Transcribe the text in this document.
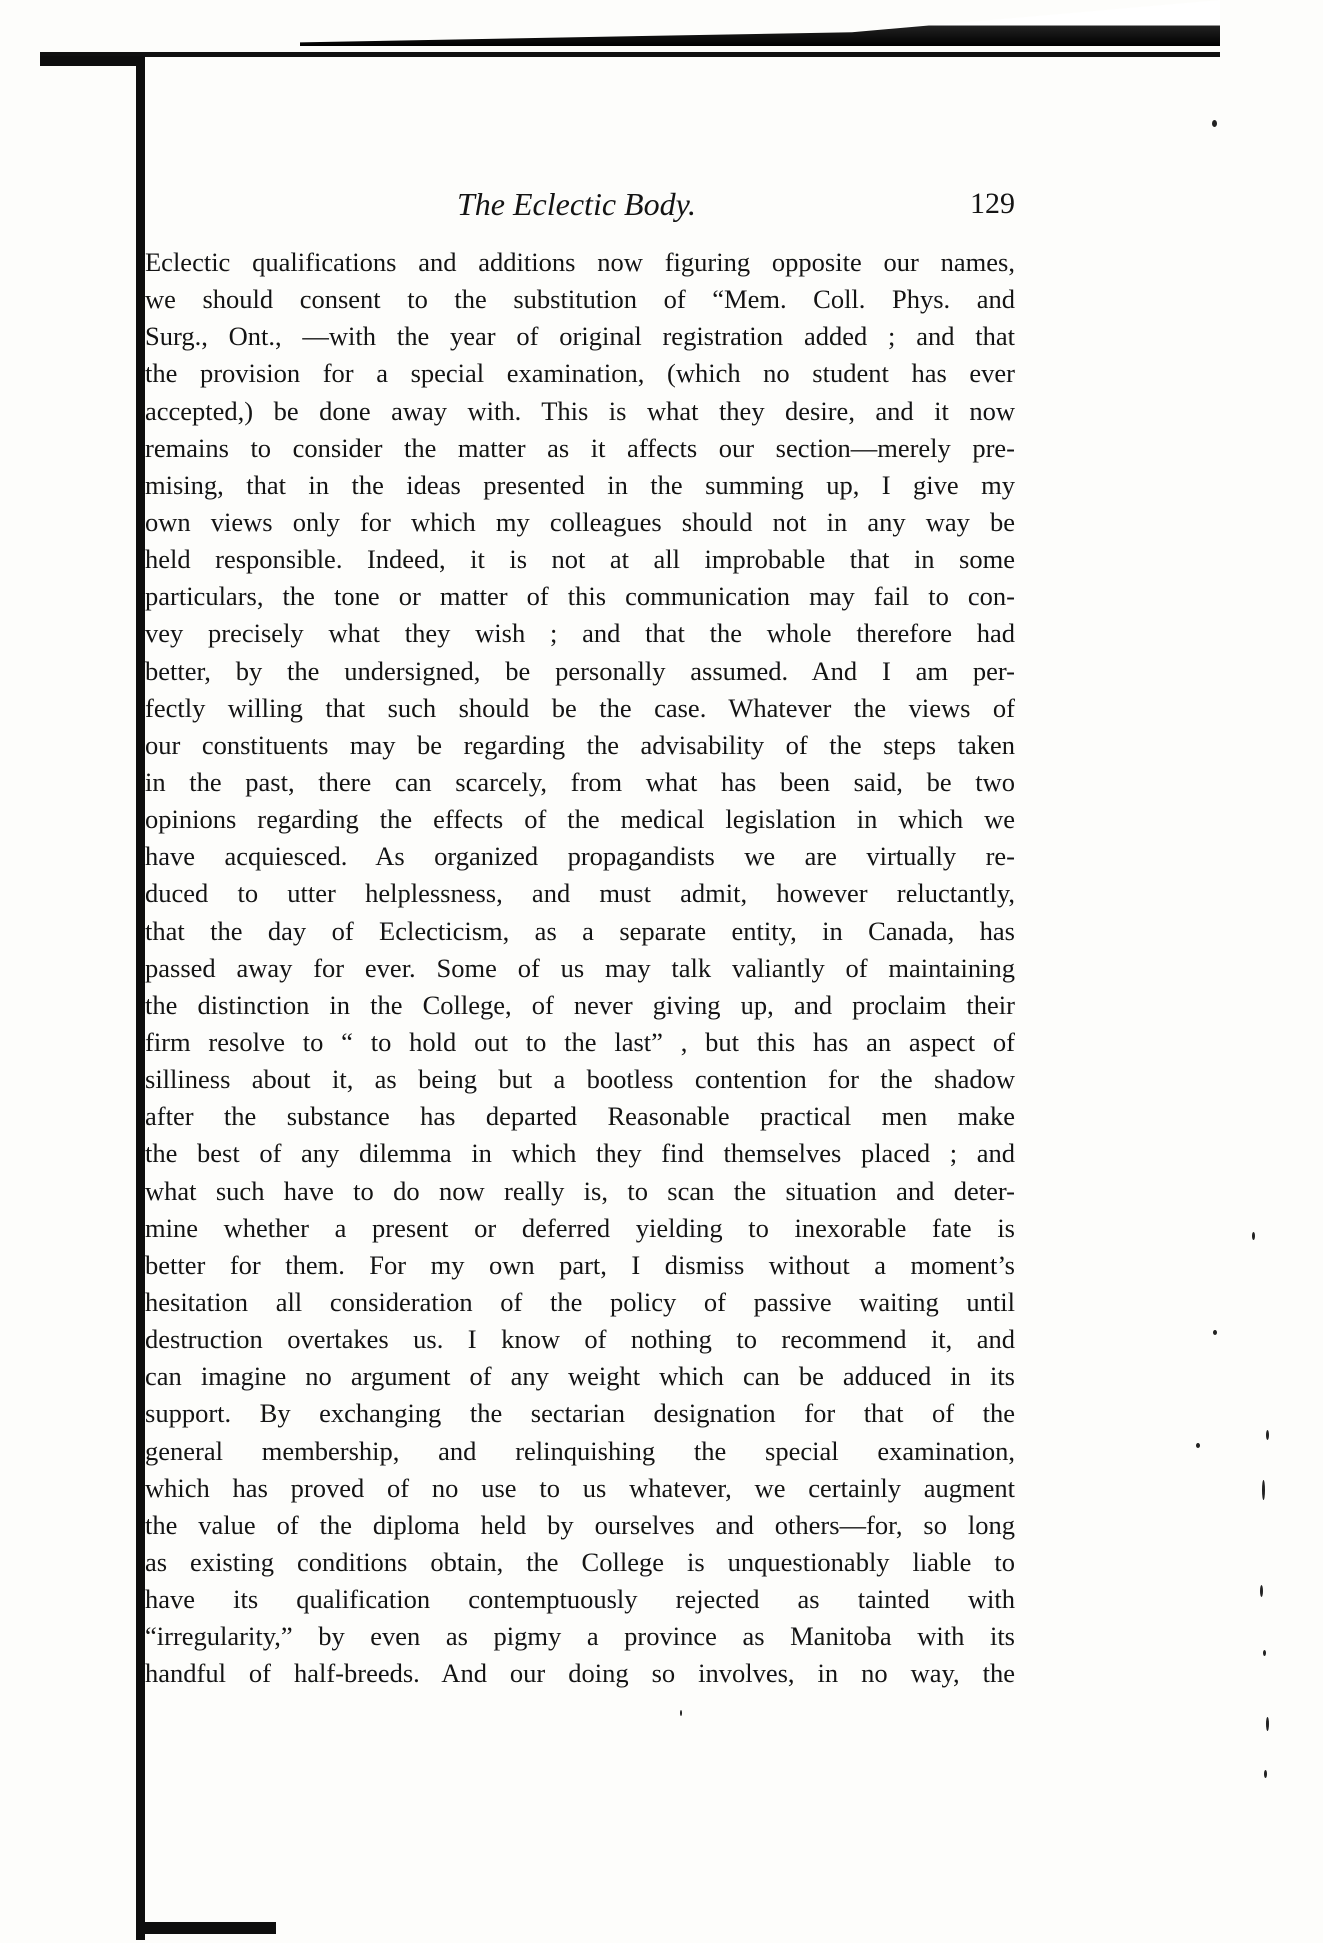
The Eclectic Body.	129
Eclectic qualifications and additions now figuring opposite our names,
we should consent to the substitution of “Mem. Coll. Phys. and
Surg., Ont., —with the year of original registration added ; and that
the provision for a special examination, (which no student has ever
accepted,) be done away with. This is what they desire, and it now
remains to consider the matter as it affects our section—merely pre-
mising, that in the ideas presented in the summing up, I give my
own views only for which my colleagues should not in any way be
held responsible. Indeed, it is not at all improbable that in some
particulars, the tone or matter of this communication may fail to con-
vey precisely what they wish ; and that the whole therefore had
better, by the undersigned, be personally assumed. And I am per-
fectly willing that such should be the case. Whatever the views of
our constituents may be regarding the advisability of the steps taken
in the past, there can scarcely, from what has been said, be two
opinions regarding the effects of the medical legislation in which we
have acquiesced. As organized propagandists we are virtually re-
duced to utter helplessness, and must admit, however reluctantly,
that the day of Eclecticism, as a separate entity, in Canada, has
passed away for ever. Some of us may talk valiantly of maintaining
the distinction in the College, of never giving up, and proclaim their
firm resolve to “ to hold out to the last” , but this has an aspect of
silliness about it, as being but a bootless contention for the shadow
after the substance has departed Reasonable practical men make
the best of any dilemma in which they find themselves placed ; and
what such have to do now really is, to scan the situation and deter-
mine whether a present or deferred yielding to inexorable fate is
better for them. For my own part, I dismiss without a moment’s
hesitation all consideration of the policy of passive waiting until
destruction overtakes us. I know of nothing to recommend it, and
can imagine no argument of any weight which can be adduced in its
support. By exchanging the sectarian designation for that of the
general membership, and relinquishing the special examination,
which has proved of no use to us whatever, we certainly augment
the value of the diploma held by ourselves and others—for, so long
as existing conditions obtain, the College is unquestionably liable to
have its qualification contemptuously rejected as tainted with
“irregularity,” by even as pigmy a province as Manitoba with its
handful of half-breeds. And our doing so involves, in no way, the
